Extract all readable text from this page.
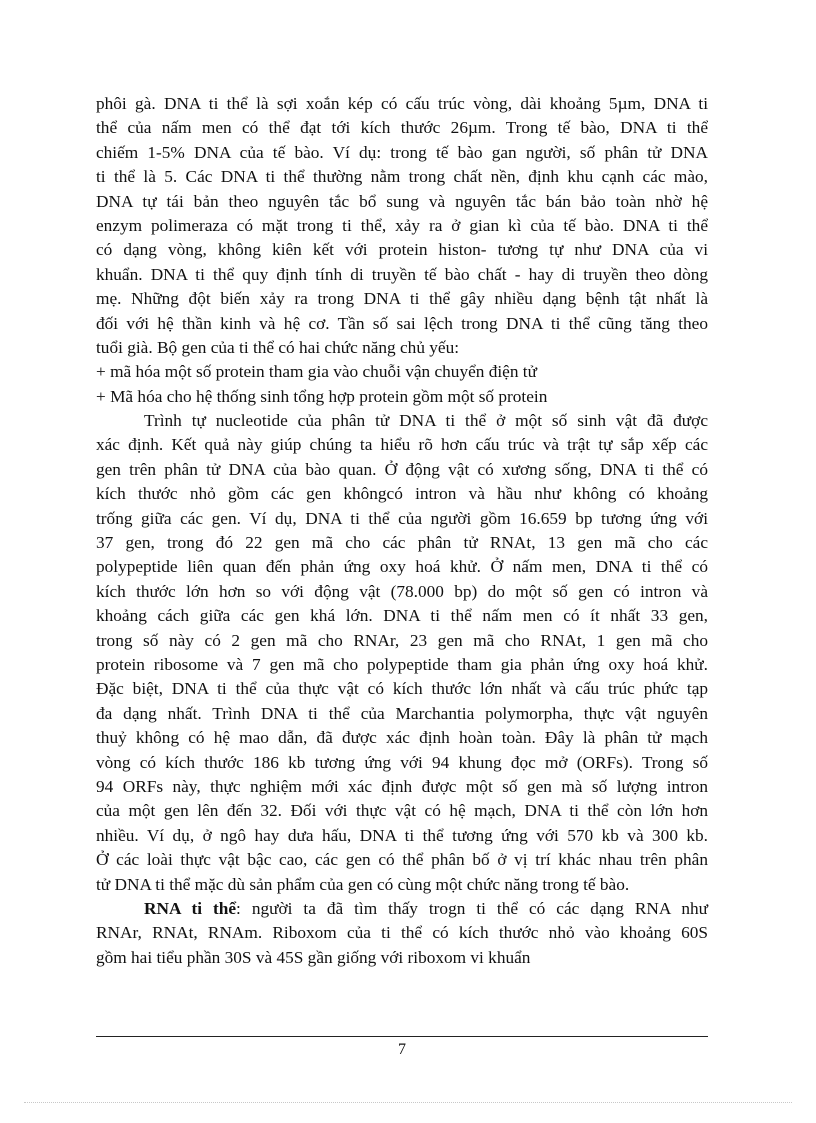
phôi gà. DNA ti thể là sợi xoắn kép có cấu trúc vòng, dài khoảng 5µm, DNA ti
thể của nấm men có thể đạt tới kích thước 26µm. Trong tế bào, DNA ti thể
chiếm 1-5% DNA của tế bào. Ví dụ: trong tế bào gan người, số phân tử DNA
ti thể là 5. Các DNA ti thể thường nằm trong chất nền, định khu cạnh các mào,
DNA tự tái bản theo nguyên tắc bổ sung và nguyên tắc bán bảo toàn nhờ hệ
enzym polimeraza có mặt trong ti thể, xảy ra ở gian kì của tế bào. DNA ti thể
có dạng vòng, không kiên kết với protein histon- tương tự như DNA của vi
khuẩn. DNA ti thể quy định tính di truyền tế bào chất - hay di truyền theo dòng
mẹ. Những đột biến xảy ra trong DNA ti thể gây nhiều dạng bệnh tật nhất là
đối với hệ thần kinh và hệ cơ. Tần số sai lệch trong DNA ti thể cũng tăng theo
tuổi già. Bộ gen của ti thể có hai chức năng chủ yếu:
+ mã hóa một số protein tham gia vào chuỗi vận chuyển điện tử
+ Mã hóa cho hệ thống sinh tổng hợp protein gồm một số protein
Trình tự nucleotide của phân tử DNA ti thể ở một số sinh vật đã được
xác định. Kết quả này giúp chúng ta hiểu rõ hơn cấu trúc và trật tự sắp xếp các
gen trên phân tử DNA của bào quan. Ở động vật có xương sống, DNA ti thể có
kích thước nhỏ gồm các gen khôngcó intron và hầu như không có khoảng
trống giữa các gen. Ví dụ, DNA ti thể của người gồm 16.659 bp tương ứng với
37 gen, trong đó 22 gen mã cho các phân tử RNAt, 13 gen mã cho các
polypeptide liên quan đến phản ứng oxy hoá khử. Ở nấm men, DNA ti thể có
kích thước lớn hơn so với động vật (78.000 bp) do một số gen có intron và
khoảng cách giữa các gen khá lớn. DNA ti thể nấm men có ít nhất 33 gen,
trong số này có 2 gen mã cho RNAr, 23 gen mã cho RNAt, 1 gen mã cho
protein ribosome và 7 gen mã cho polypeptide tham gia phản ứng oxy hoá khử.
Đặc biệt, DNA ti thể của thực vật có kích thước lớn nhất và cấu trúc phức tạp
đa dạng nhất. Trình DNA ti thể của Marchantia polymorpha, thực vật nguyên
thuỷ không có hệ mao dẫn, đã được xác định hoàn toàn. Đây là phân tử mạch
vòng có kích thước 186 kb tương ứng với 94 khung đọc mở (ORFs). Trong số
94 ORFs này, thực nghiệm mới xác định được một số gen mà số lượng intron
của một gen lên đến 32. Đối với thực vật có hệ mạch, DNA ti thể còn lớn hơn
nhiều. Ví dụ, ở ngô hay dưa hấu, DNA ti thể tương ứng với 570 kb và 300 kb.
Ở các loài thực vật bậc cao, các gen có thể phân bố ở vị trí khác nhau trên phân
tử DNA ti thể mặc dù sản phẩm của gen có cùng một chức năng trong tế bào.
RNA ti thể: người ta đã tìm thấy trogn ti thể có các dạng RNA như
RNAr, RNAt, RNAm. Riboxom của ti thể có kích thước nhỏ vào khoảng 60S
gồm hai tiểu phần 30S và 45S gần giống với riboxom vi khuẩn
7
